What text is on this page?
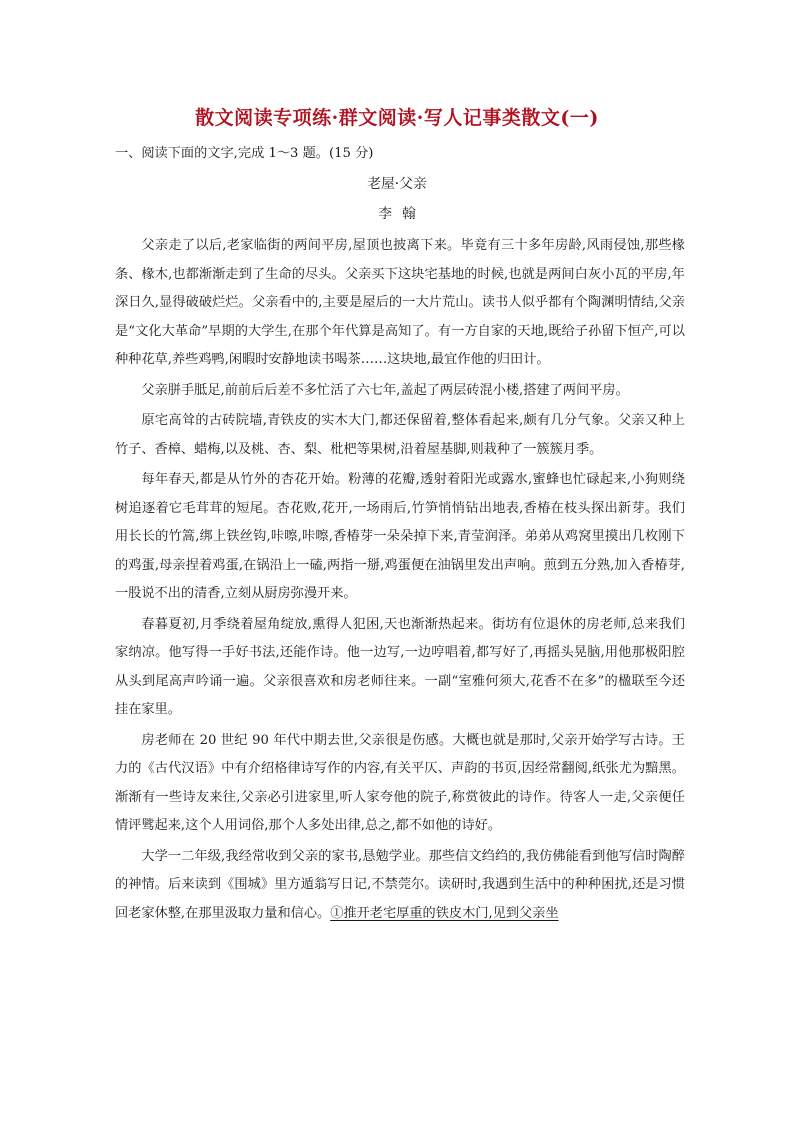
散文阅读专项练·群文阅读·写人记事类散文(一)
一、阅读下面的文字,完成 1～3 题。(15 分)
老屋·父亲
李翰

父亲走了以后,老家临街的两间平房,屋顶也披离下来。毕竟有三十多年房龄,风雨侵蚀,那些椽条、椽木,也都渐渐走到了生命的尽头。父亲买下这块宅基地的时候,也就是两间白灰小瓦的平房,年深日久,显得破破烂烂。父亲看中的,主要是屋后的一大片荒山。读书人似乎都有个陶渊明情结,父亲是“文化大革命”早期的大学生,在那个年代算是高知了。有一方自家的天地,既给子孙留下恒产,可以种种花草,养些鸡鸭,闲暇时安静地读书喝茶……这块地,最宜作他的归田计。

父亲胼手胝足,前前后后差不多忙活了六七年,盖起了两层砖混小楼,搭建了两间平房。

原宅高耸的古砖院墙,青铁皮的实木大门,都还保留着,整体看起来,颇有几分气象。父亲又种上竹子、香樟、蜡梅,以及桃、杏、梨、枇杷等果树,沿着屋基脚,则栽种了一簇簇月季。

每年春天,都是从竹外的杏花开始。粉薄的花瓣,透射着阳光或露水,蜜蜂也忙碌起来,小狗则绕树追逐着它毛茸茸的短尾。杏花败,花开,一场雨后,竹笋悄悄钻出地表,香椿在枝头探出新芽。我们用长长的竹篙,绑上铁丝钩,咔嚓,咔嚓,香椿芽一朵朵掉下来,青莹润泽。弟弟从鸡窝里摸出几枚刚下的鸡蛋,母亲捏着鸡蛋,在锅沿上一磕,两指一掰,鸡蛋便在油锅里发出声响。煎到五分熟,加入香椿芽,一股说不出的清香,立刻从厨房弥漫开来。

春暮夏初,月季绕着屋角绽放,熏得人犯困,天也渐渐热起来。街坊有位退休的房老师,总来我们家纳凉。他写得一手好书法,还能作诗。他一边写,一边哼唱着,都写好了,再摇头晃脑,用他那极阳腔从头到尾高声吟诵一遍。父亲很喜欢和房老师往来。一副“室雅何须大,花香不在多”的楹联至今还挂在家里。

房老师在 20 世纪 90 年代中期去世,父亲很是伤感。大概也就是那时,父亲开始学写古诗。王力的《古代汉语》中有介绍格律诗写作的内容,有关平仄、声韵的书页,因经常翻阅,纸张尤为黯黑。渐渐有一些诗友来往,父亲必引进家里,听人家夸他的院子,称赏彼此的诗作。待客人一走,父亲便任情评骘起来,这个人用词俗,那个人多处出律,总之,都不如他的诗好。

大学一二年级,我经常收到父亲的家书,恳勉学业。那些信文绉绉的,我仿佛能看到他写信时陶醉的神情。后来读到《围城》里方遁翁写日记,不禁莞尔。读研时,我遇到生活中的种种困扰,还是习惯回老家休整,在那里汲取力量和信心。①推开老宅厚重的铁皮木门,见到父亲坐
